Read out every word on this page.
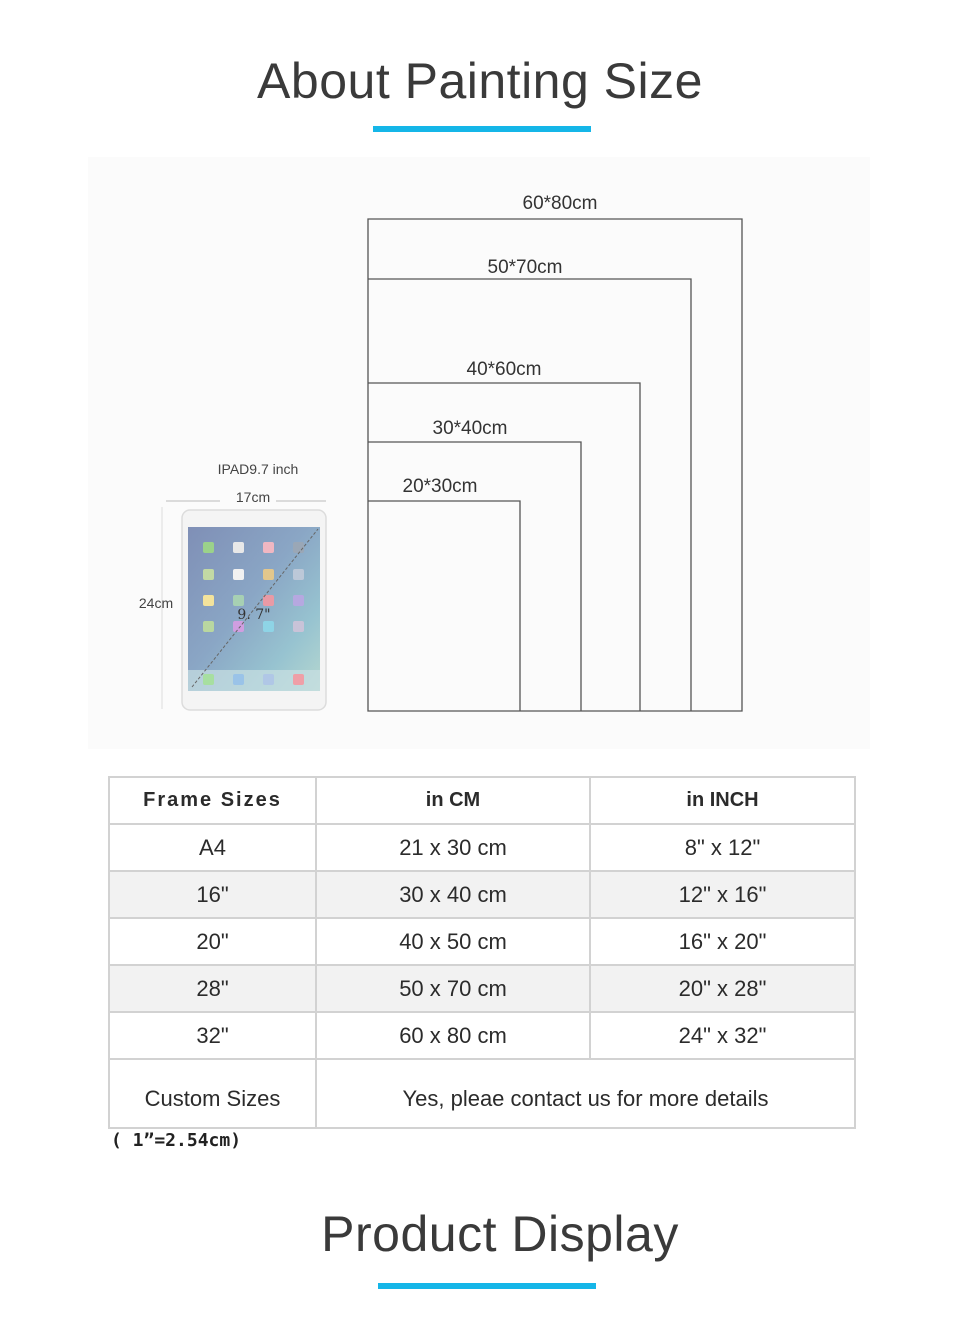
About Painting Size
60*80cm
50*70cm
40*60cm
30*40cm
20*30cm
IPAD9.7 inch
17cm
24cm
9. 7"
Frame Sizes	in CM	in INCH
A4	21 x 30 cm	8" x 12"
16"	30 x 40 cm	12" x 16"
20"	40 x 50 cm	16" x 20"
28"	50 x 70 cm	20" x 28"
32"	60 x 80 cm	24" x 32"
Custom Sizes	Yes, pleae contact us for more details	
( 1”=2.54cm)
Product Display
